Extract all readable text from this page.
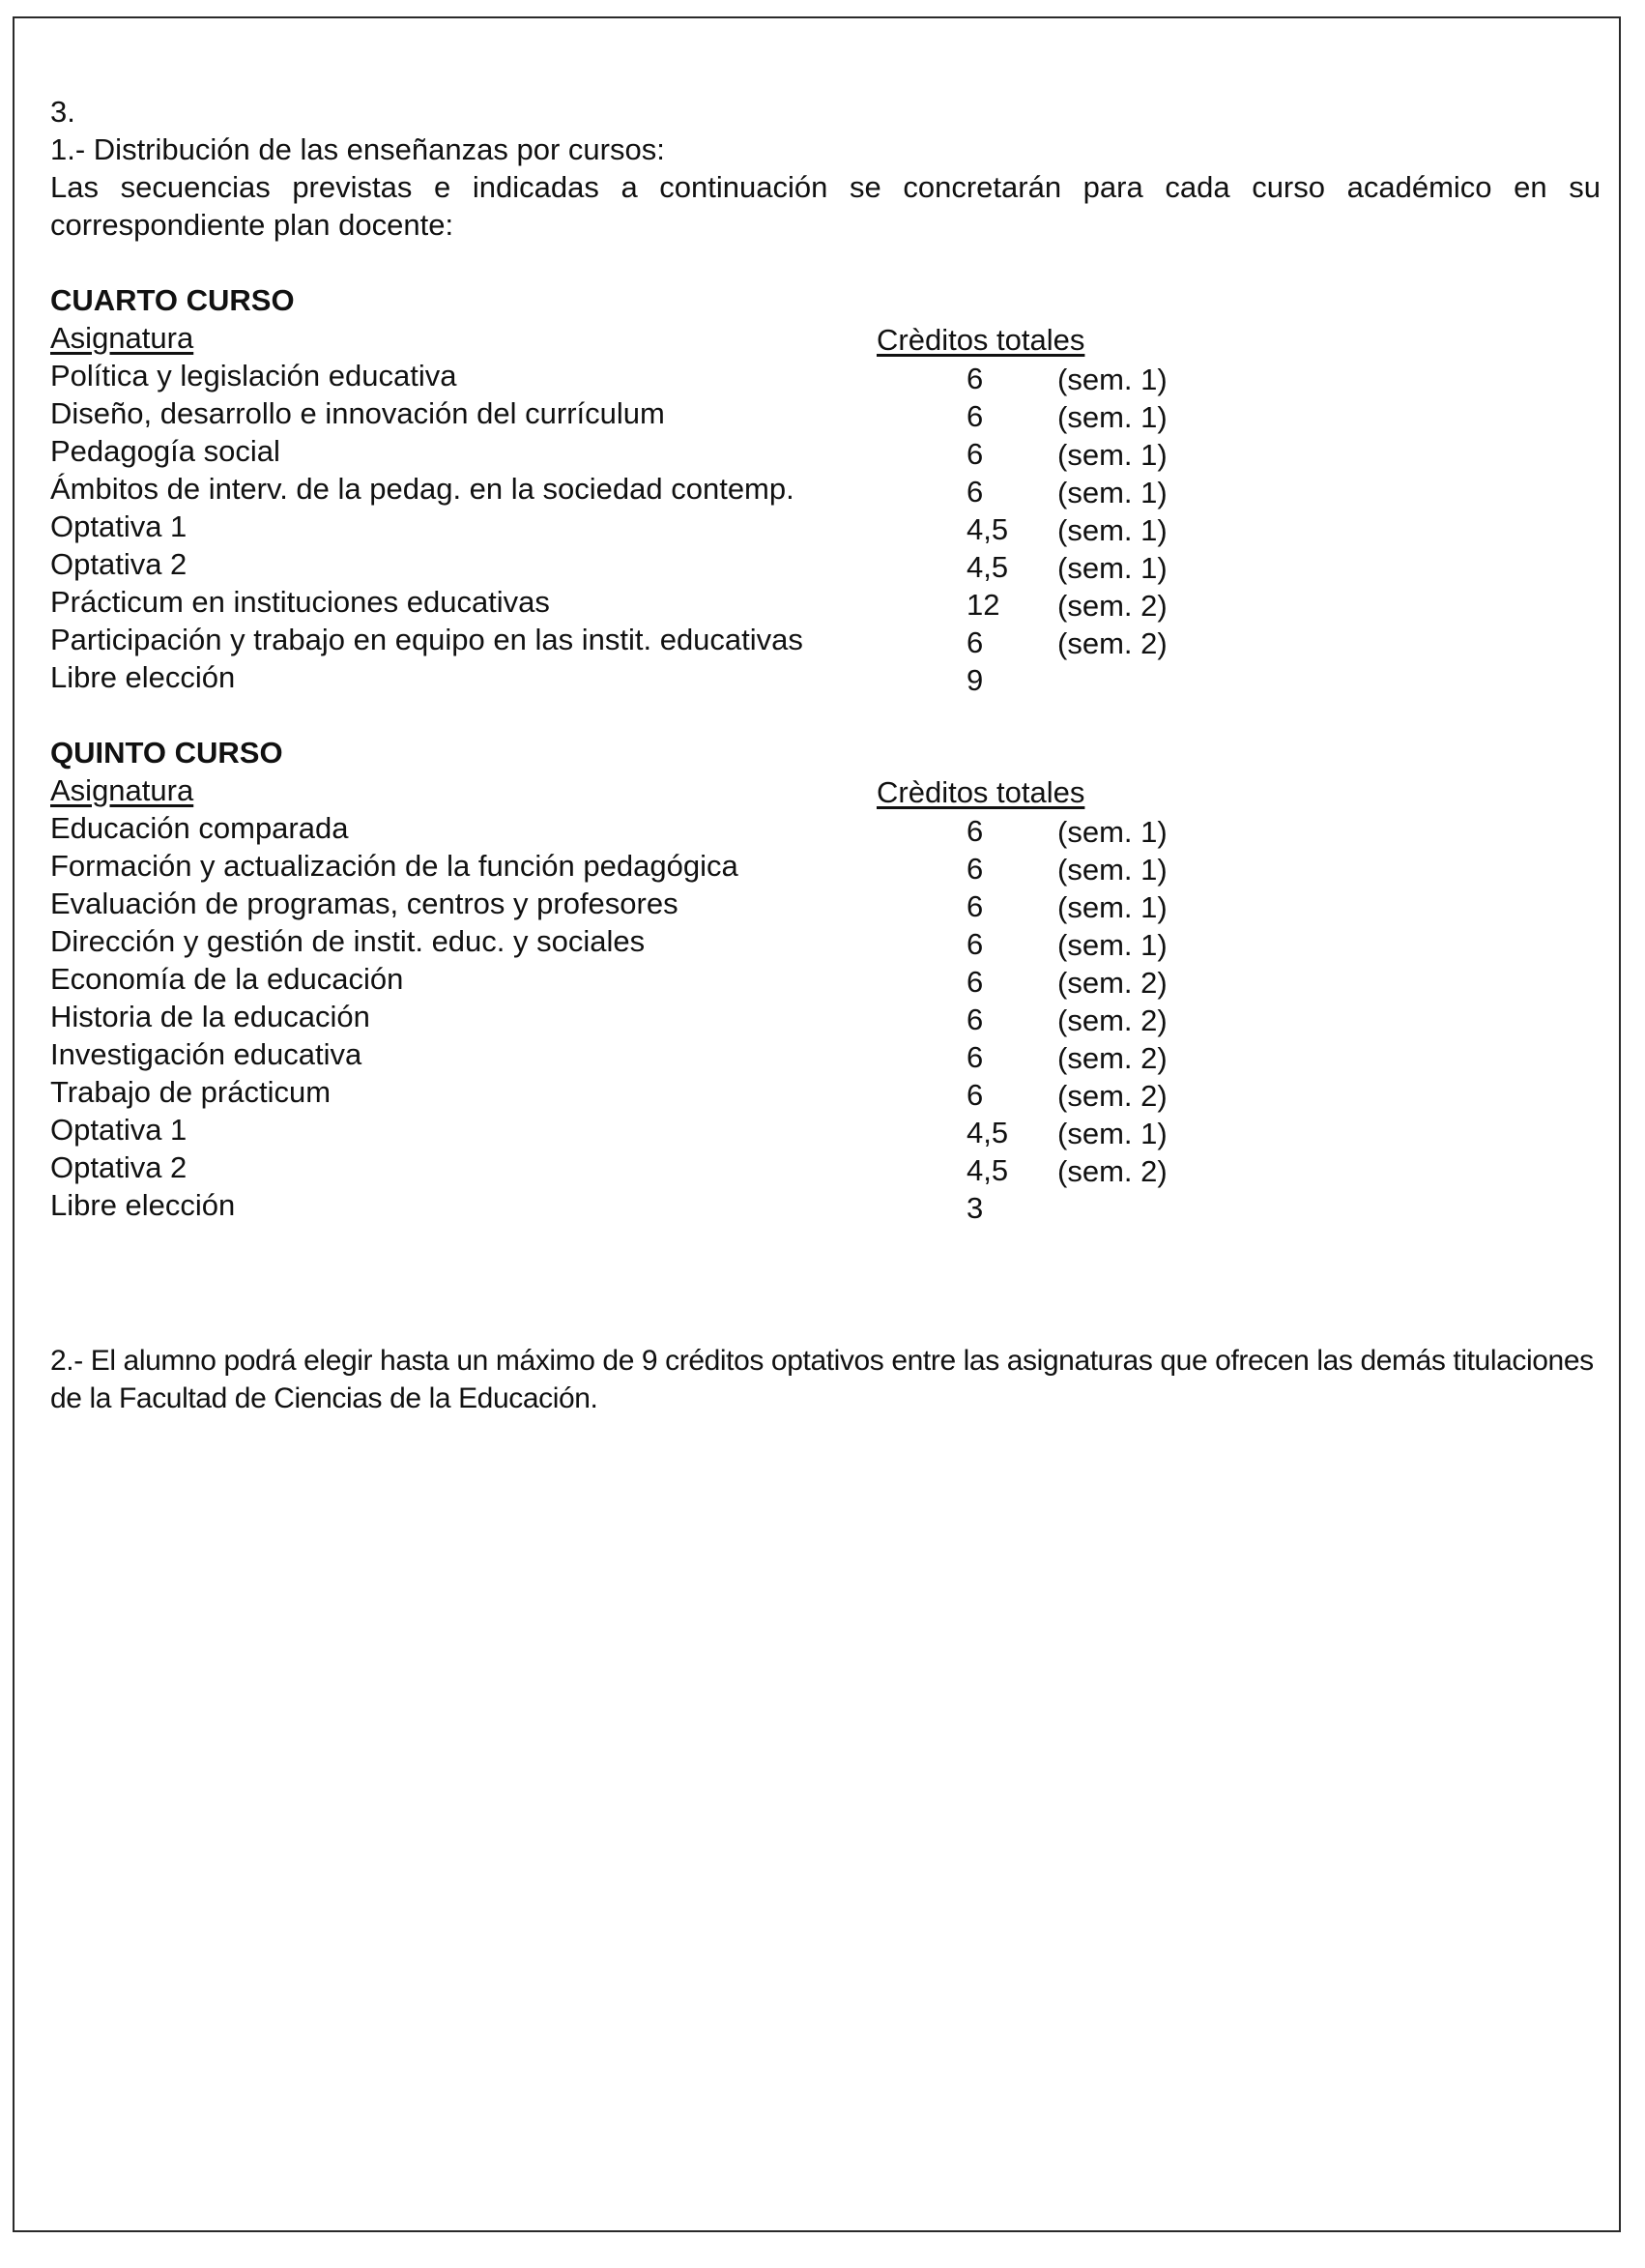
3.
1.- Distribución de las enseñanzas por cursos:
Las secuencias previstas e indicadas a continuación se concretarán para cada curso académico en su correspondiente plan docente:
CUARTO CURSO
Asignatura	Crèditos totales
Política y legislación educativa	6 (sem. 1)
Diseño, desarrollo e innovación del currículum	6 (sem. 1)
Pedagogía social	6 (sem. 1)
Ámbitos de interv. de la pedag. en la sociedad contemp.	6 (sem. 1)
Optativa 1	4,5 (sem. 1)
Optativa 2	4,5 (sem. 1)
Prácticum en instituciones educativas	12 (sem. 2)
Participación y trabajo en equipo en las instit. educativas	6 (sem. 2)
Libre elección	9
QUINTO CURSO
Asignatura	Crèditos totales
Educación comparada	6 (sem. 1)
Formación y actualización de la función pedagógica	6 (sem. 1)
Evaluación de programas, centros y profesores	6 (sem. 1)
Dirección y gestión de instit. educ. y sociales	6 (sem. 1)
Economía de la educación	6 (sem. 2)
Historia de la educación	6 (sem. 2)
Investigación educativa	6 (sem. 2)
Trabajo de prácticum	6 (sem. 2)
Optativa 1	4,5 (sem. 1)
Optativa 2	4,5 (sem. 2)
Libre elección	3
2.- El alumno podrá elegir hasta un máximo de 9 créditos optativos entre las asignaturas que ofrecen las demás titulaciones de la Facultad de Ciencias de la Educación.
